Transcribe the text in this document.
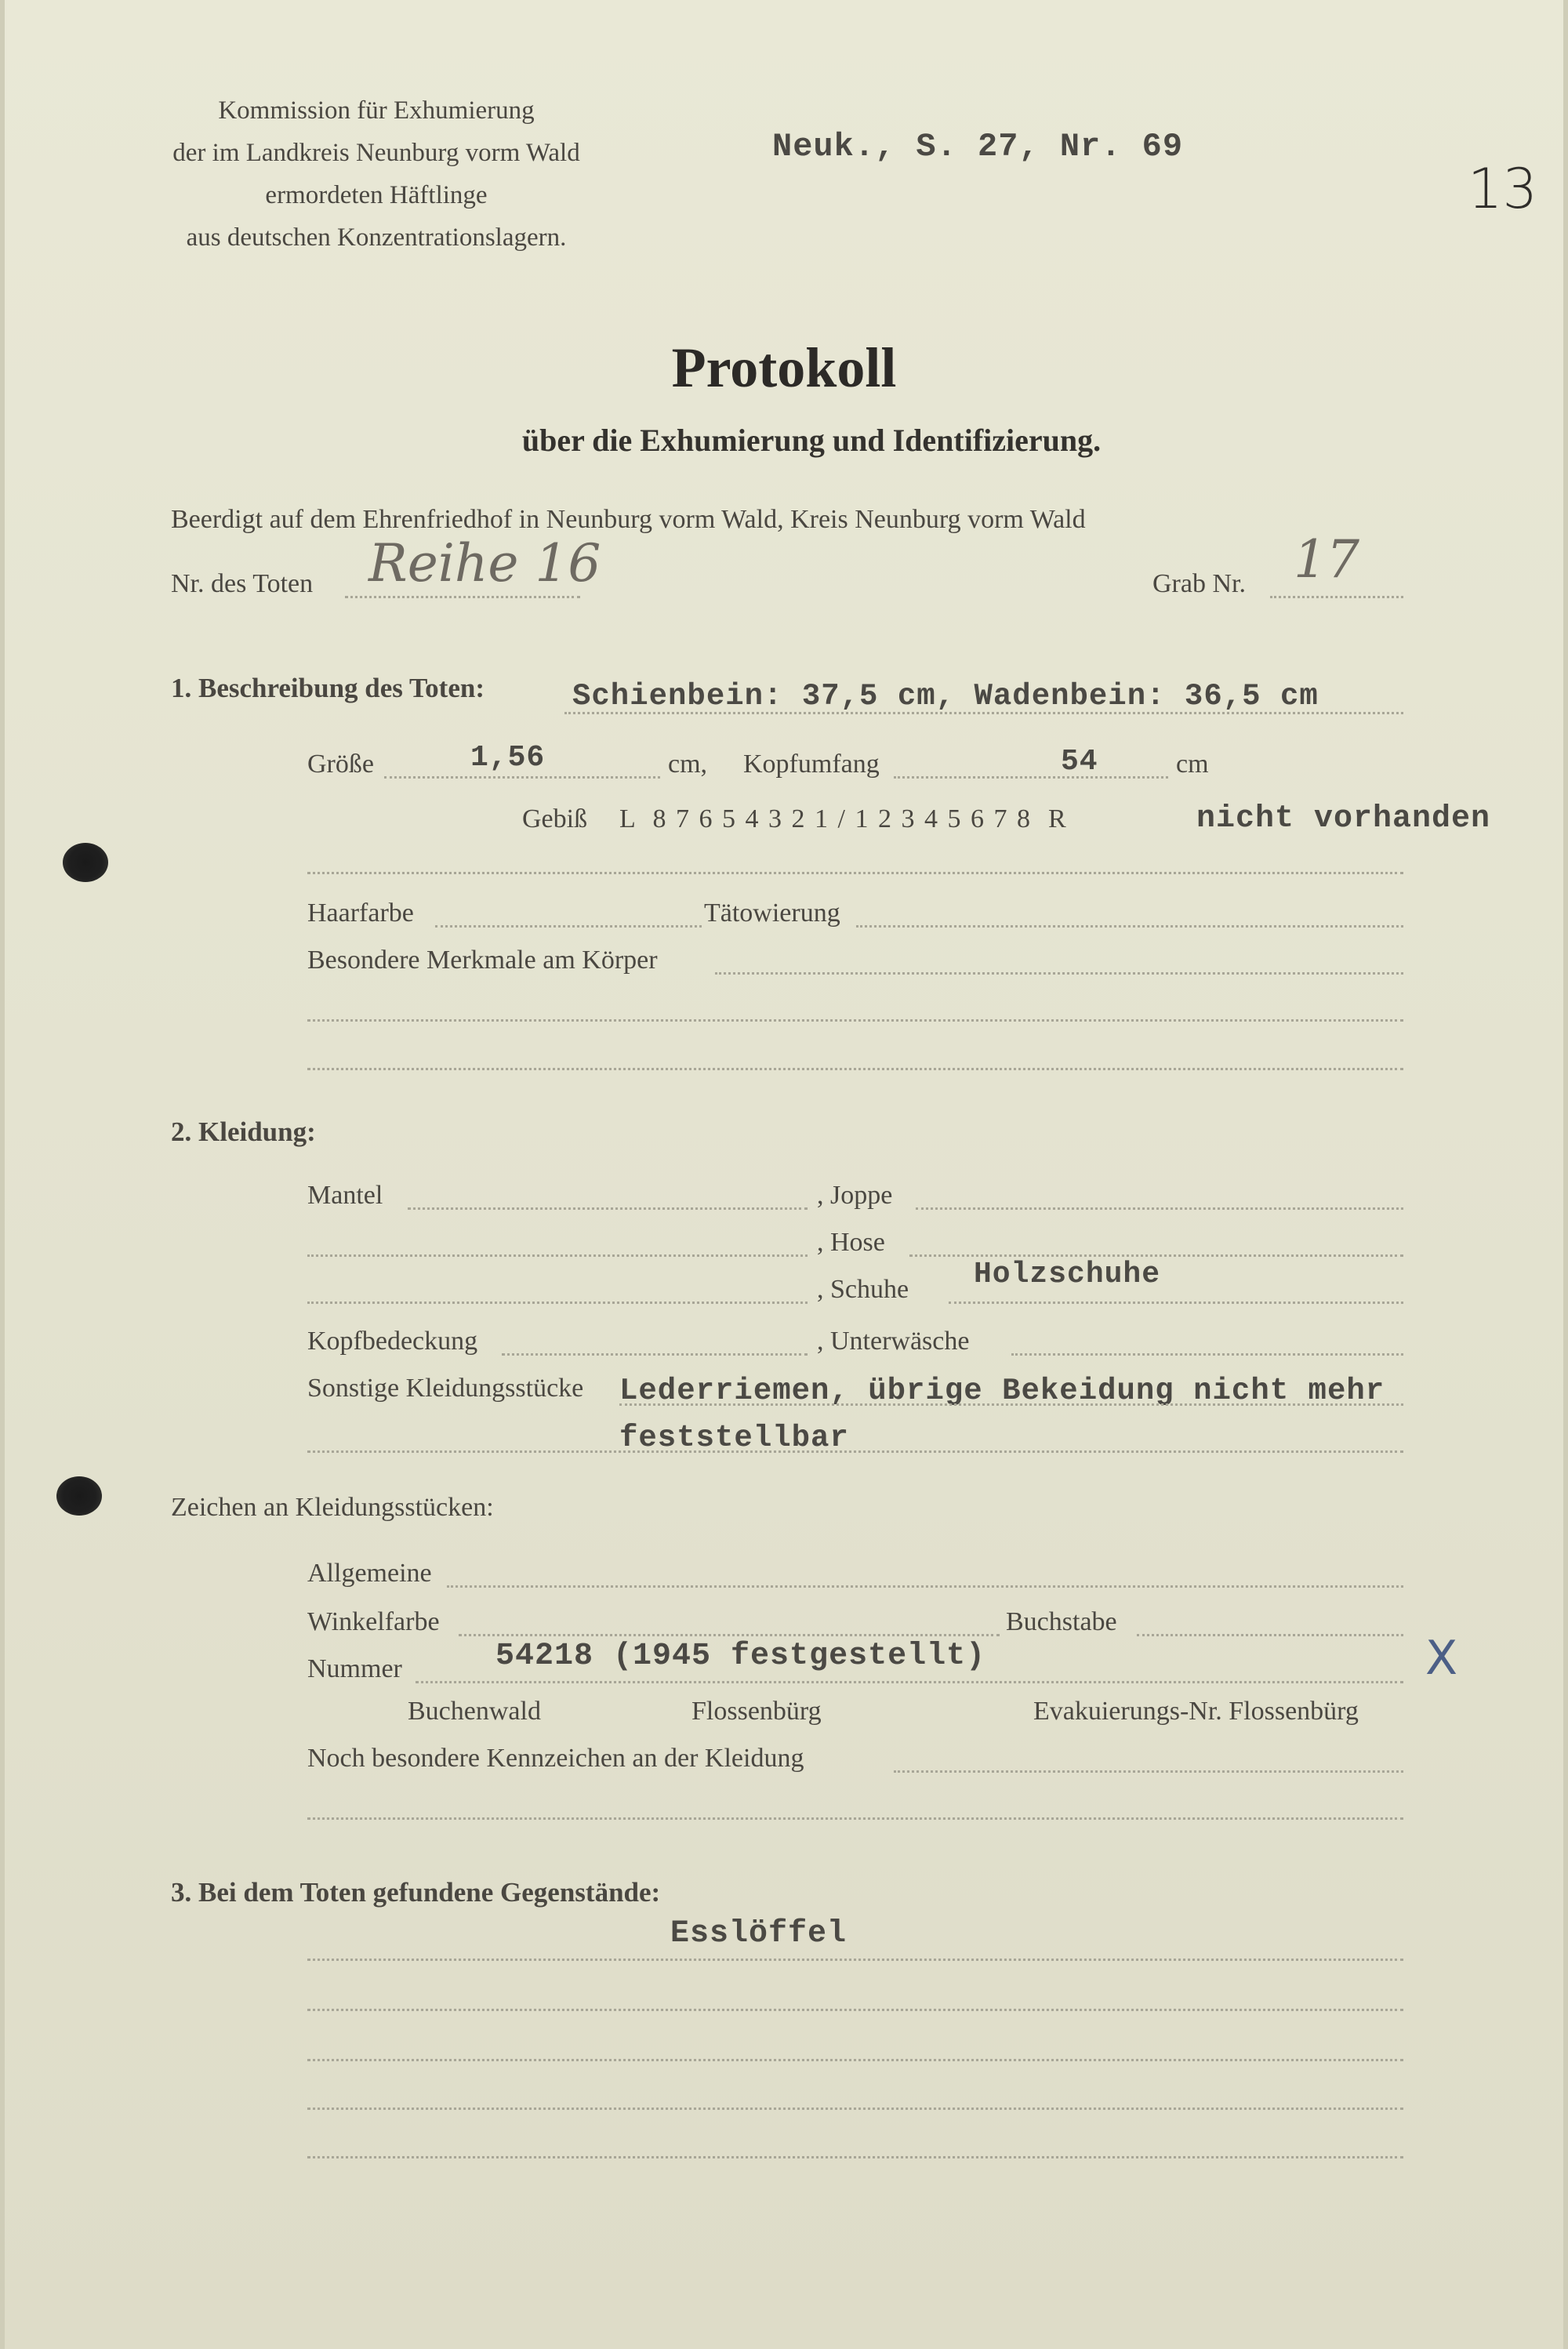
Kommission für Exhumierung
der im Landkreis Neunburg vorm Wald
ermordeten Häftlinge
aus deutschen Konzentrationslagern.
Neuk., S. 27, Nr. 69
13
Protokoll
über die Exhumierung und Identifizierung.
Beerdigt auf dem Ehrenfriedhof in Neunburg vorm Wald, Kreis Neunburg vorm Wald
Nr. des Toten Reihe 16	Grab Nr. 17
1. Beschreibung des Toten:	Schienbein: 37,5 cm, Wadenbein: 36,5 cm
Größe	1,56	cm, Kopfumfang	54	cm
Gebiß L  8 7 6 5 4 3 2 1 / 1 2 3 4 5 6 7 8  R	nicht vorhanden
Haarfarbe	Tätowierung
Besondere Merkmale am Körper
2. Kleidung:
Mantel	, Joppe
, Hose
, Schuhe Holzschuhe
Kopfbedeckung	, Unterwäsche
Sonstige Kleidungsstücke Lederriemen, übrige Bekeidung nicht mehr
feststellbar
Zeichen an Kleidungsstücken:
Allgemeine
Winkelfarbe	Buchstabe
Nummer	54218 (1945 festgestellt)	X
Buchenwald	Flossenbürg	Evakuierungs-Nr. Flossenbürg
Noch besondere Kennzeichen an der Kleidung
3. Bei dem Toten gefundene Gegenstände:
Esslöffel
